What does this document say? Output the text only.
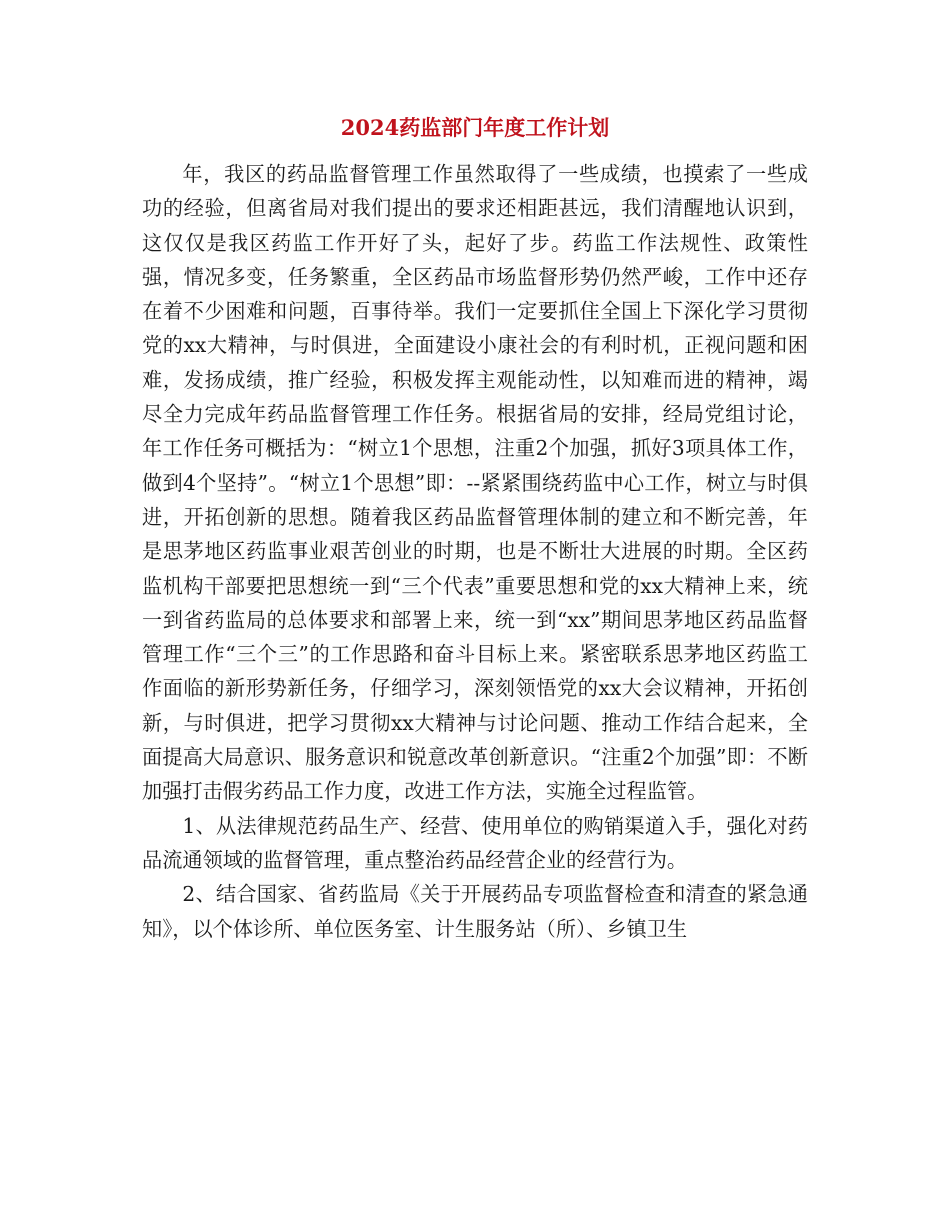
2024药监部门年度工作计划

年，我区的药品监督管理工作虽然取得了一些成绩，也摸索了一些成功的经验，但离省局对我们提出的要求还相距甚远，我们清醒地认识到，这仅仅是我区药监工作开好了头，起好了步。药监工作法规性、政策性强，情况多变，任务繁重，全区药品市场监督形势仍然严峻，工作中还存在着不少困难和问题，百事待举。我们一定要抓住全国上下深化学习贯彻党的xx大精神，与时俱进，全面建设小康社会的有利时机，正视问题和困难，发扬成绩，推广经验，积极发挥主观能动性，以知难而进的精神，竭尽全力完成年药品监督管理工作任务。根据省局的安排，经局党组讨论，年工作任务可概括为：“树立1个思想，注重2个加强，抓好3项具体工作，做到4个坚持”。“树立1个思想”即：--紧紧围绕药监中心工作，树立与时俱进，开拓创新的思想。随着我区药品监督管理体制的建立和不断完善，年是思茅地区药监事业艰苦创业的时期，也是不断壮大进展的时期。全区药监机构干部要把思想统一到“三个代表”重要思想和党的xx大精神上来，统一到省药监局的总体要求和部署上来，统一到“xx”期间思茅地区药品监督管理工作“三个三”的工作思路和奋斗目标上来。紧密联系思茅地区药监工作面临的新形势新任务，仔细学习，深刻领悟党的xx大会议精神，开拓创新，与时俱进，把学习贯彻xx大精神与讨论问题、推动工作结合起来，全面提高大局意识、服务意识和锐意改革创新意识。“注重2个加强”即：不断加强打击假劣药品工作力度，改进工作方法，实施全过程监管。

1、从法律规范药品生产、经营、使用单位的购销渠道入手，强化对药品流通领域的监督管理，重点整治药品经营企业的经营行为。

2、结合国家、省药监局《关于开展药品专项监督检查和清查的紧急通知》，以个体诊所、单位医务室、计生服务站（所）、乡镇卫生
